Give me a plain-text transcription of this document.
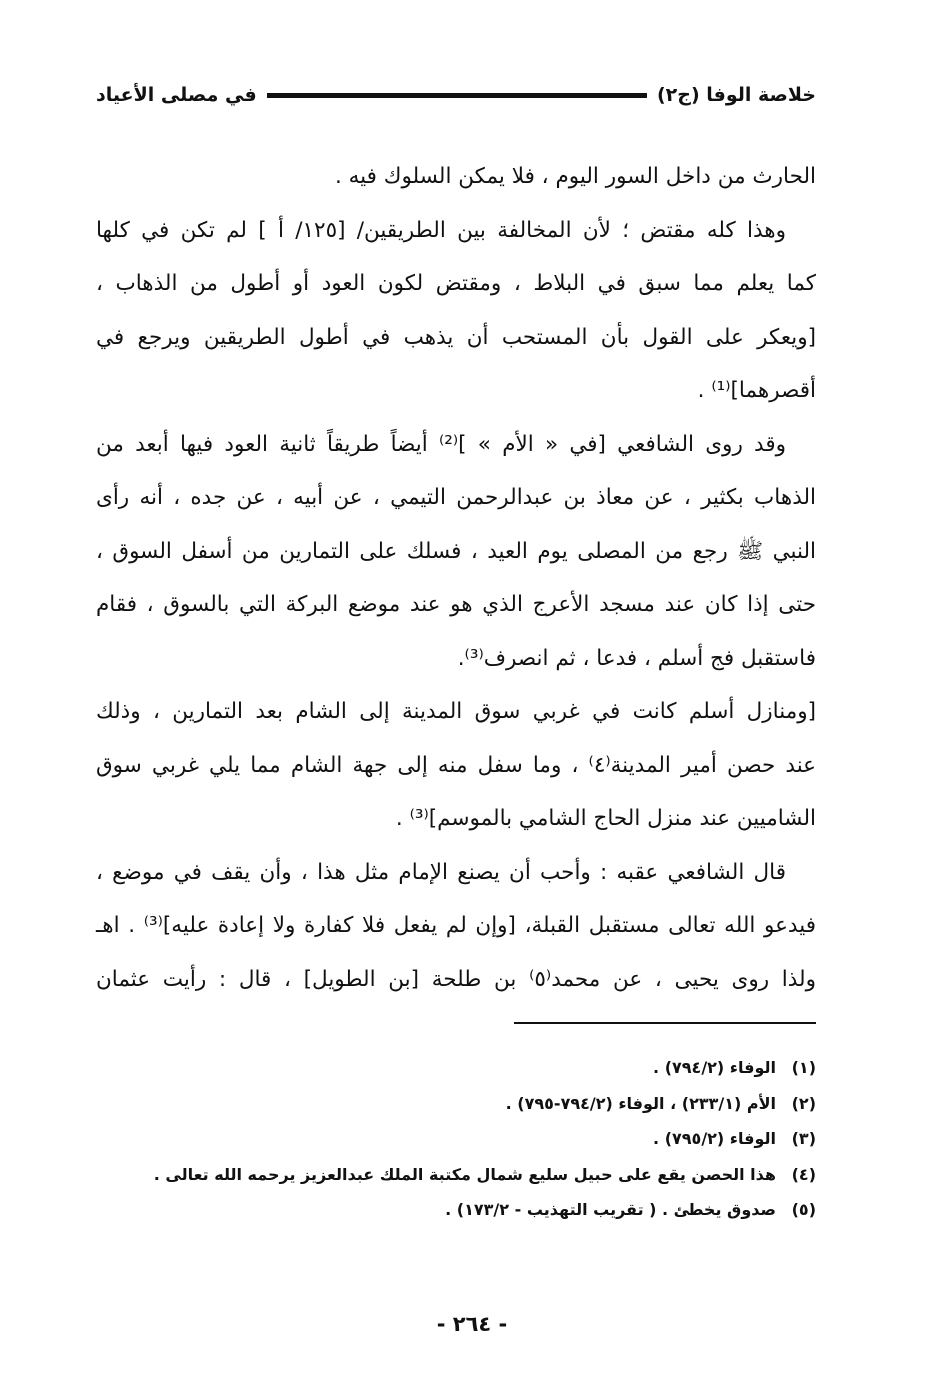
خلاصة الوفا (ج٢)
في مصلى الأعياد
الحارث من داخل السور اليوم ، فلا يمكن السلوك فيه .
وهذا كله مقتض ؛ لأن المخالفة بين الطريقين/ [١٢٥/ أ ] لم تكن في كلها
كما يعلم مما سبق في البلاط ، ومقتض لكون العود أو أطول من الذهاب ،
[ويعكر على القول بأن المستحب أن يذهب في أطول الطريقين ويرجع في
أقصرهما]⁽¹⁾ .
وقد روى الشافعي [في « الأم » ]⁽²⁾ أيضاً طريقاً ثانية العود فيها أبعد من
الذهاب بكثير ، عن معاذ بن عبدالرحمن التيمي ، عن أبيه ، عن جده ، أنه رأى
النبي ﷺ رجع من المصلى يوم العيد ، فسلك على التمارين من أسفل السوق ،
حتى إذا كان عند مسجد الأعرج الذي هو عند موضع البركة التي بالسوق ، فقام
فاستقبل فج أسلم ، فدعا ، ثم انصرف⁽³⁾.
[ومنازل أسلم كانت في غربي سوق المدينة إلى الشام بعد التمارين ، وذلك
عند حصن أمير المدينة⁽٤⁾ ، وما سفل منه إلى جهة الشام مما يلي غربي سوق
الشاميين عند منزل الحاج الشامي بالموسم]⁽³⁾ .
قال الشافعي عقبه : وأحب أن يصنع الإمام مثل هذا ، وأن يقف في موضع ،
فيدعو الله تعالى مستقبل القبلة، [وإن لم يفعل فلا كفارة ولا إعادة عليه]⁽³⁾ . اهـ
ولذا روى يحيى ، عن محمد⁽٥⁾ بن طلحة [بن الطويل] ، قال : رأيت عثمان
(١)
الوفاء (٧٩٤/٢) .
(٢)
الأم (٢٣٣/١) ، الوفاء (٧٩٤/٢-٧٩٥) .
(٣)
الوفاء (٧٩٥/٢) .
(٤)
هذا الحصن يقع على حبيل سليع شمال مكتبة الملك عبدالعزيز يرحمه الله تعالى .
(٥)
صدوق يخطئ . ( تقريب التهذيب - ١٧٣/٢) .
- ٢٦٤ -
